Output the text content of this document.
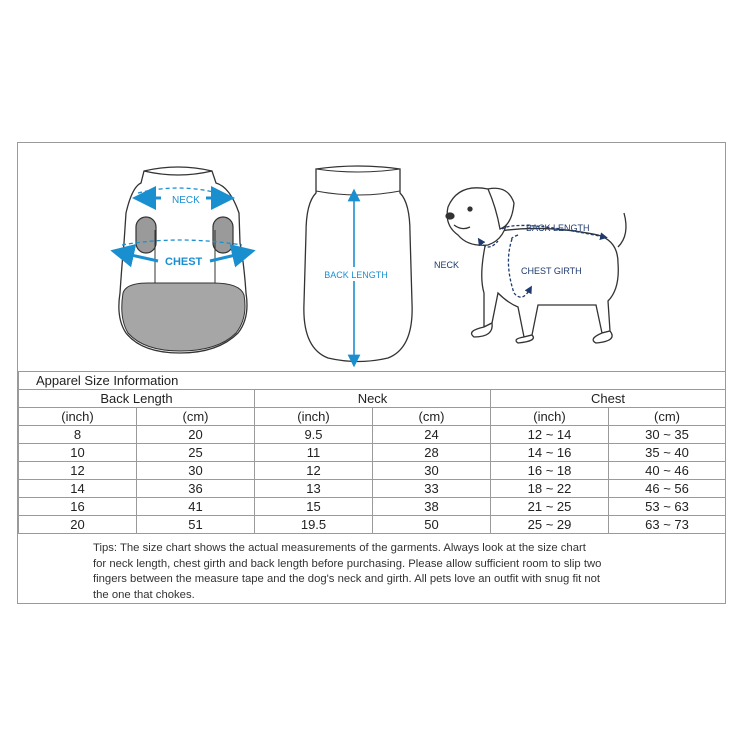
NECK
CHEST
BACK LENGTH
BACK LENGTH
NECK
CHEST GIRTH
Apparel Size Information					
Back Length		Neck		Chest	
(inch)	(cm)	(inch)	(cm)	(inch)	(cm)
8	20	9.5	24	12 ~ 14	30 ~ 35
10	25	11	28	14 ~ 16	35 ~ 40
12	30	12	30	16 ~ 18	40 ~ 46
14	36	13	33	18 ~ 22	46 ~ 56
16	41	15	38	21 ~ 25	53 ~ 63
20	51	19.5	50	25 ~ 29	63 ~ 73
Tips: The size chart shows the actual measurements of the garments. Always look at the size chart
for neck length, chest girth and back length before purchasing. Please allow sufficient room to slip two
fingers between the measure tape and the dog's neck and girth. All pets love an outfit with snug fit not
the one that chokes.
